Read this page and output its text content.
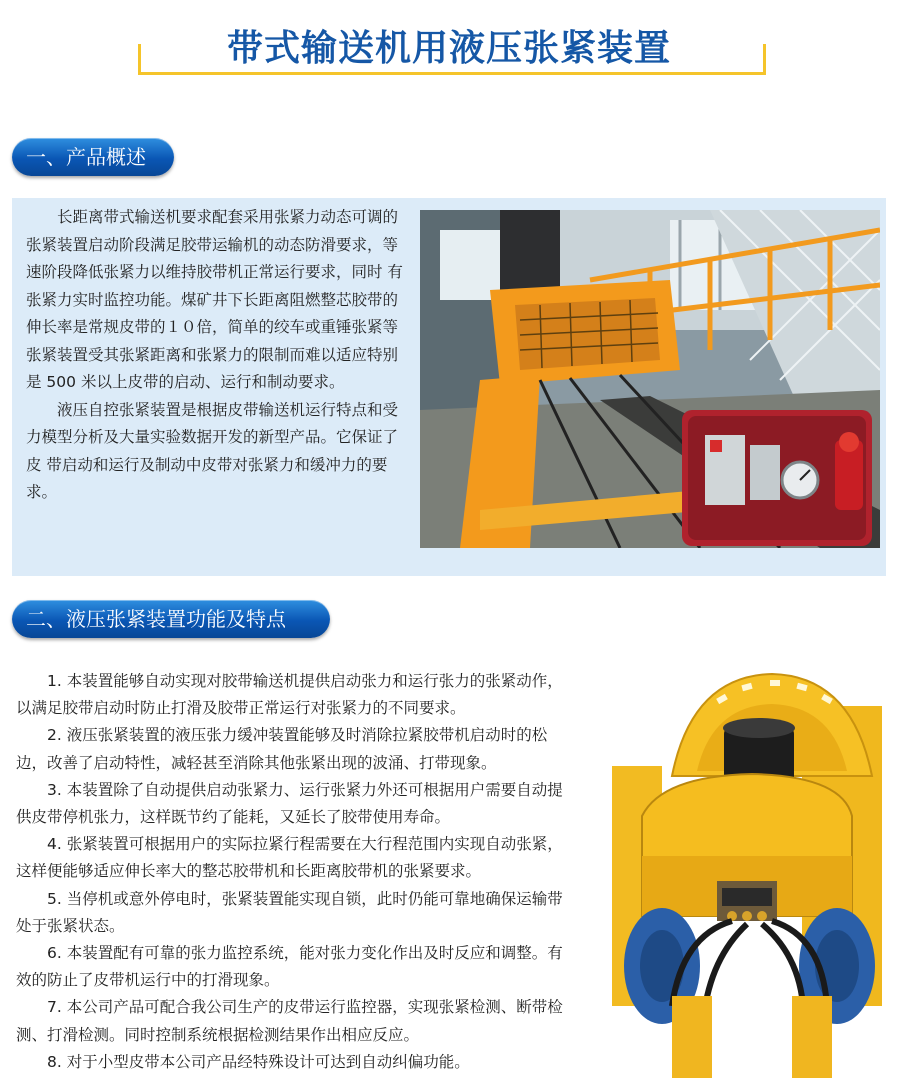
带式输送机用液压张紧装置
一、产品概述

长距离带式输送机要求配套采用张紧力动态可调的张紧装置启动阶段满足胶带运输机的动态防滑要求，等速阶段降低张紧力以维持胶带机正常运行要求，同时 有张紧力实时监控功能。煤矿井下长距离阻燃整芯胶带的伸长率是常规皮带的１０倍，简单的绞车或重锤张紧等张紧装置受其张紧距离和张紧力的限制而难以适应特别是 500 米以上皮带的启动、运行和制动要求。

液压自控张紧装置是根据皮带输送机运行特点和受 力模型分析及大量实验数据开发的新型产品。它保证了皮 带启动和运行及制动中皮带对张紧力和缓冲力的要求。

二、液压张紧装置功能及特点

1. 本装置能够自动实现对胶带输送机提供启动张力和运行张力的张紧动作，以满足胶带启动时防止打滑及胶带正常运行对张紧力的不同要求。

2. 液压张紧装置的液压张力缓冲装置能够及时消除拉紧胶带机启动时的松边，改善了启动特性，减轻甚至消除其他张紧出现的波涌、打带现象。

3. 本装置除了自动提供启动张紧力、运行张紧力外还可根据用户需要自动提供皮带停机张力，这样既节约了能耗，又延长了胶带使用寿命。

4. 张紧装置可根据用户的实际拉紧行程需要在大行程范围内实现自动张紧，这样便能够适应伸长率大的整芯胶带机和长距离胶带机的张紧要求。

5. 当停机或意外停电时，张紧装置能实现自锁，此时仍能可靠地确保运输带处于张紧状态。

6. 本装置配有可靠的张力监控系统，能对张力变化作出及时反应和调整。有效的防止了皮带机运行中的打滑现象。

7. 本公司产品可配合我公司生产的皮带运行监控器，实现张紧检测、断带检测、打滑检测。同时控制系统根据检测结果作出相应反应。

8. 对于小型皮带本公司产品经特殊设计可达到自动纠偏功能。
